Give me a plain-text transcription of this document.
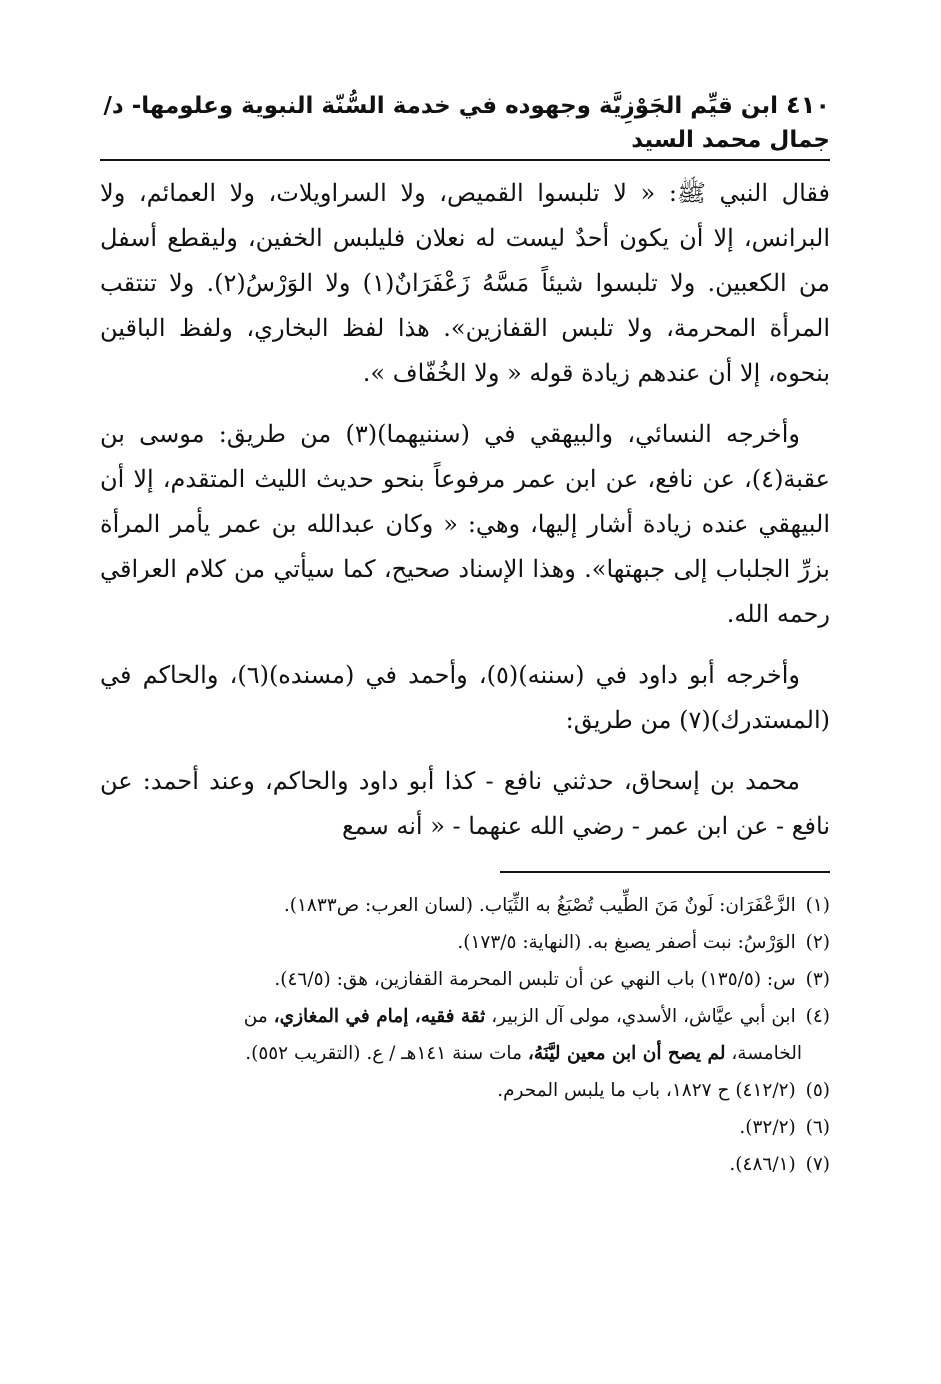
٤١٠ ابن قيِّم الجَوْزِيَّة وجهوده في خدمة السُّنّة النبوية وعلومها- د/جمال محمد السيد

فقال النبي ﷺ: « لا تلبسوا القميص، ولا السراويلات، ولا العمائم، ولا البرانس، إلا أن يكون أحدٌ ليست له نعلان فليلبس الخفين، وليقطع أسفل من الكعبين. ولا تلبسوا شيئاً مَسَّهُ زَعْفَرَانٌ(١) ولا الوَرْسُ(٢). ولا تنتقب المرأة المحرمة، ولا تلبس القفازين». هذا لفظ البخاري، ولفظ الباقين بنحوه، إلا أن عندهم زيادة قوله « ولا الخُفّاف ».

وأخرجه النسائي، والبيهقي في (سننيهما)(٣) من طريق: موسى بن عقبة(٤)، عن نافع، عن ابن عمر مرفوعاً بنحو حديث الليث المتقدم، إلا أن البيهقي عنده زيادة أشار إليها، وهي: « وكان عبدالله بن عمر يأمر المرأة بزرِّ الجلباب إلى جبهتها». وهذا الإسناد صحيح، كما سيأتي من كلام العراقي رحمه الله.

وأخرجه أبو داود في (سننه)(٥)، وأحمد في (مسنده)(٦)، والحاكم في (المستدرك)(٧) من طريق:

محمد بن إسحاق، حدثني نافع - كذا أبو داود والحاكم، وعند أحمد: عن نافع - عن ابن عمر - رضي الله عنهما - « أنه سمع

(١) الزَّعْفَرَان: لَونٌ مَنَ الطِّيب تُصْبَغُ به الثِّيَاب. (لسان العرب: ص١٨٣٣).

(٢) الوَرْسُ: نبت أصفر يصبغ به. (النهاية: ١٧٣/٥).

(٣) س: (١٣٥/٥) باب النهي عن أن تلبس المحرمة القفازين، هق: (٤٦/٥).

(٤) ابن أبي عيَّاش، الأسدي، مولى آل الزبير، ثقة فقيه، إمام في المغازي، من
الخامسة، لم يصح أن ابن معين ليَّنَهُ، مات سنة ١٤١هـ / ع. (التقريب ٥٥٢).

(٥) (٤١٢/٢) ح ١٨٢٧، باب ما يلبس المحرم.

(٦) (٣٢/٢).

(٧) (٤٨٦/١).
